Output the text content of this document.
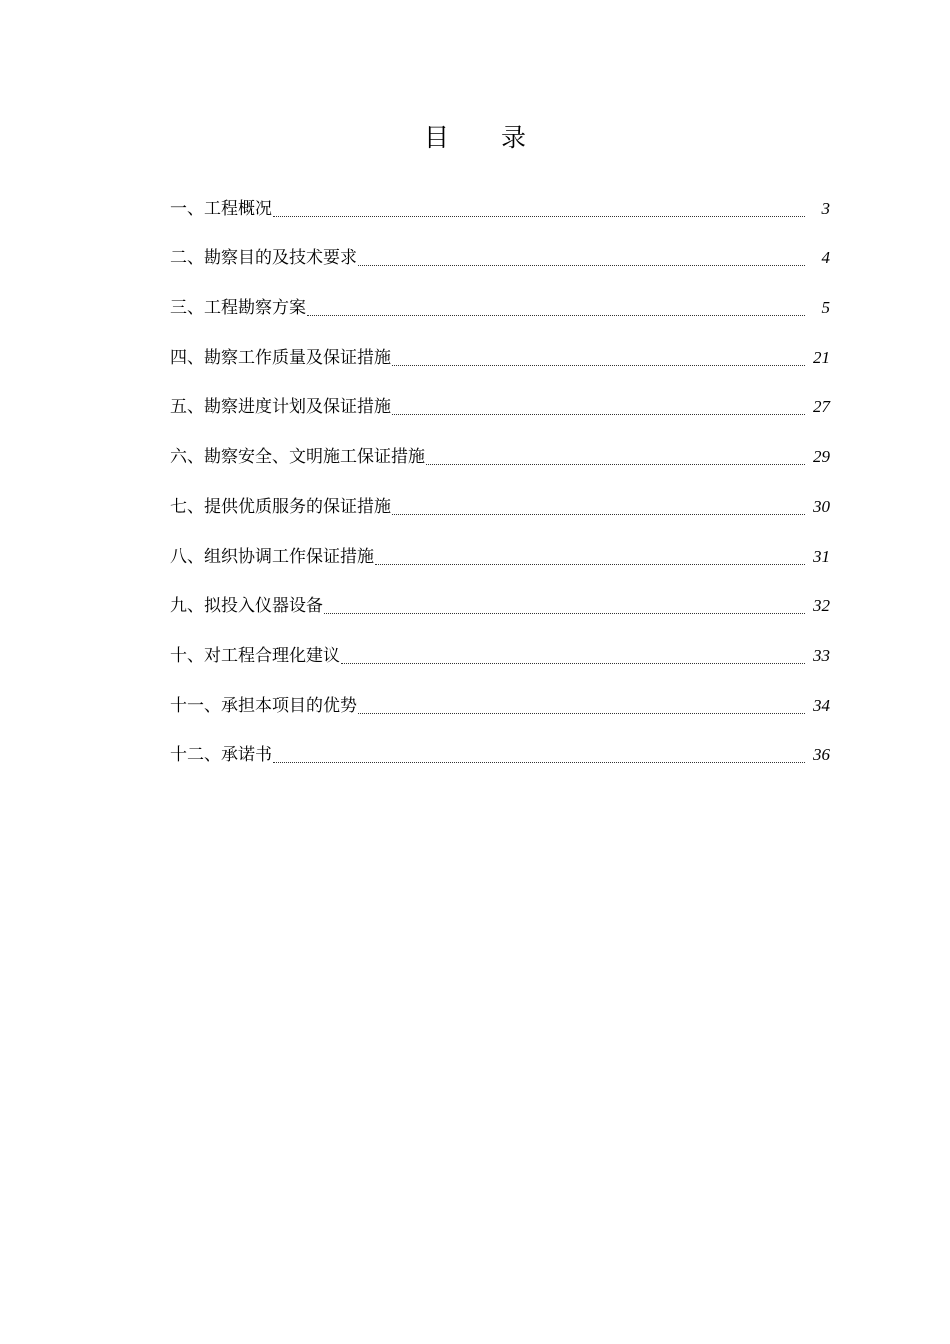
目 录
一、工程概况	3
二、勘察目的及技术要求	4
三、工程勘察方案	5
四、勘察工作质量及保证措施	21
五、勘察进度计划及保证措施	27
六、勘察安全、文明施工保证措施	29
七、提供优质服务的保证措施	30
八、组织协调工作保证措施	31
九、拟投入仪器设备	32
十、对工程合理化建议	33
十一、承担本项目的优势	34
十二、承诺书	36
